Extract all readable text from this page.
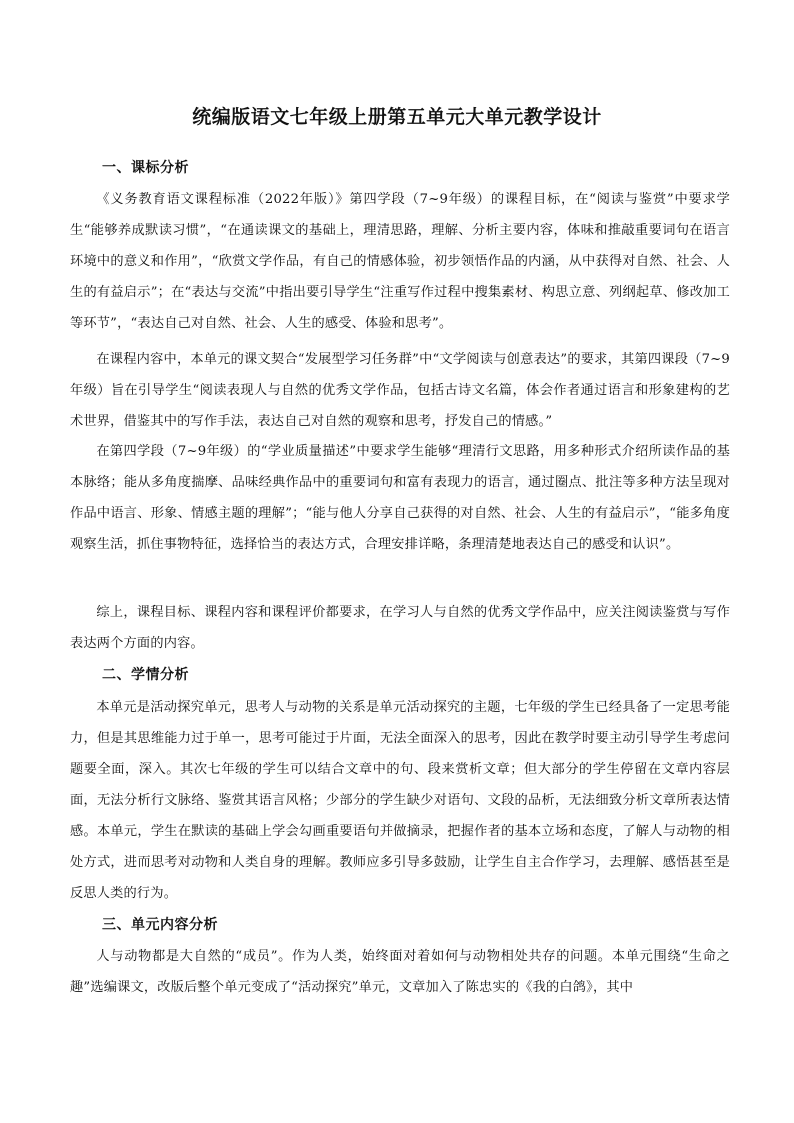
统编版语文七年级上册第五单元大单元教学设计
一、课标分析

《义务教育语文课程标准（2022年版）》第四学段（7~9年级）的课程目标，在“阅读与鉴赏”中要求学生“能够养成默读习惯”，“在通读课文的基础上，理清思路，理解、分析主要内容，体味和推敲重要词句在语言环境中的意义和作用”，“欣赏文学作品，有自己的情感体验，初步领悟作品的内涵，从中获得对自然、社会、人生的有益启示”；在“表达与交流”中指出要引导学生“注重写作过程中搜集素材、构思立意、列纲起草、修改加工等环节”，“表达自己对自然、社会、人生的感受、体验和思考”。

在课程内容中，本单元的课文契合“发展型学习任务群”中“文学阅读与创意表达”的要求，其第四课段（7~9年级）旨在引导学生“阅读表现人与自然的优秀文学作品，包括古诗文名篇，体会作者通过语言和形象建构的艺术世界，借鉴其中的写作手法，表达自己对自然的观察和思考，抒发自己的情感。”

在第四学段（7~9年级）的“学业质量描述”中要求学生能够“理清行文思路，用多种形式介绍所读作品的基本脉络；能从多角度揣摩、品味经典作品中的重要词句和富有表现力的语言，通过圈点、批注等多种方法呈现对作品中语言、形象、情感主题的理解”；“能与他人分享自己获得的对自然、社会、人生的有益启示”，“能多角度观察生活，抓住事物特征，选择恰当的表达方式，合理安排详略，条理清楚地表达自己的感受和认识”。

综上，课程目标、课程内容和课程评价都要求，在学习人与自然的优秀文学作品中，应关注阅读鉴赏与写作表达两个方面的内容。

二、学情分析

本单元是活动探究单元，思考人与动物的关系是单元活动探究的主题，七年级的学生已经具备了一定思考能力，但是其思维能力过于单一，思考可能过于片面，无法全面深入的思考，因此在教学时要主动引导学生考虑问题要全面，深入。其次七年级的学生可以结合文章中的句、段来赏析文章；但大部分的学生停留在文章内容层面，无法分析行文脉络、鉴赏其语言风格；少部分的学生缺少对语句、文段的品析，无法细致分析文章所表达情感。本单元，学生在默读的基础上学会勾画重要语句并做摘录，把握作者的基本立场和态度，了解人与动物的相处方式，进而思考对动物和人类自身的理解。教师应多引导多鼓励，让学生自主合作学习，去理解、感悟甚至是反思人类的行为。

三、单元内容分析

人与动物都是大自然的“成员”。作为人类，始终面对着如何与动物相处共存的问题。本单元围绕“生命之趣”选编课文，改版后整个单元变成了“活动探究”单元，文章加入了陈忠实的《我的白鸽》，其中
